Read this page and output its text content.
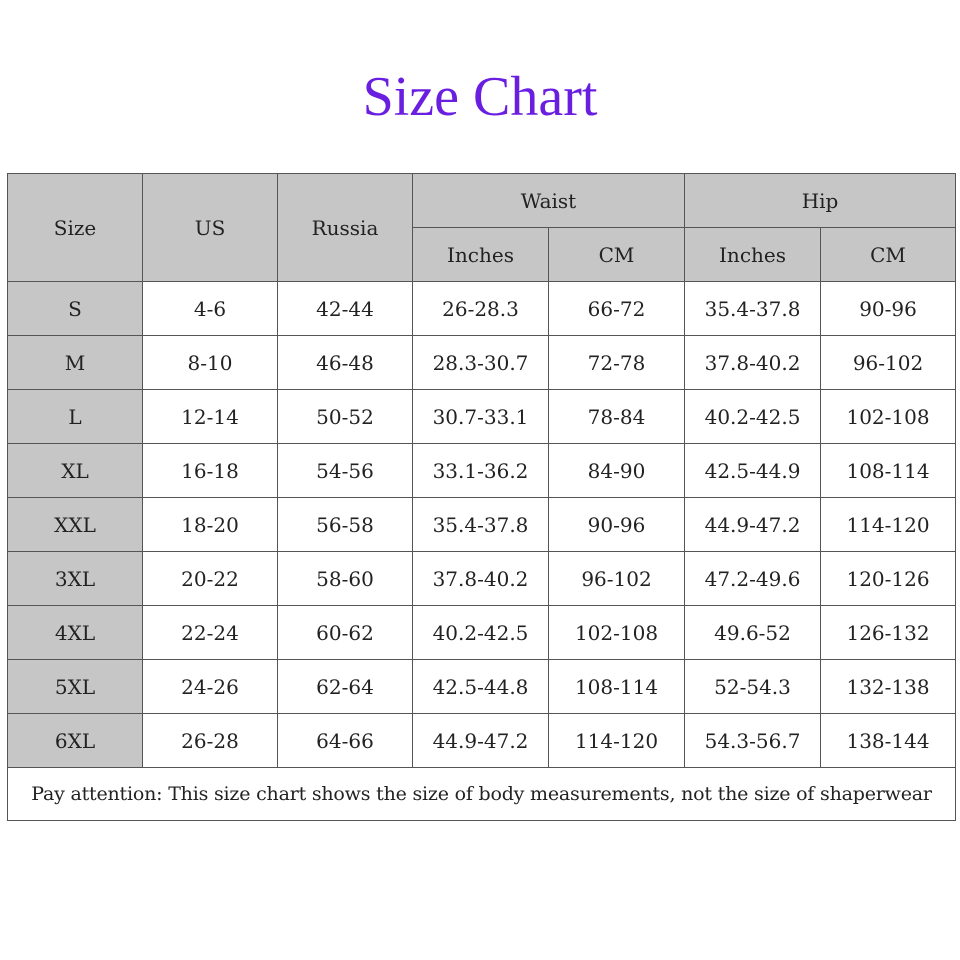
Size Chart
Size	US	Russia	Waist		Hip	
			Inches	CM	Inches	CM
S	4-6	42-44	26-28.3	66-72	35.4-37.8	90-96
M	8-10	46-48	28.3-30.7	72-78	37.8-40.2	96-102
L	12-14	50-52	30.7-33.1	78-84	40.2-42.5	102-108
XL	16-18	54-56	33.1-36.2	84-90	42.5-44.9	108-114
XXL	18-20	56-58	35.4-37.8	90-96	44.9-47.2	114-120
3XL	20-22	58-60	37.8-40.2	96-102	47.2-49.6	120-126
4XL	22-24	60-62	40.2-42.5	102-108	49.6-52	126-132
5XL	24-26	62-64	42.5-44.8	108-114	52-54.3	132-138
6XL	26-28	64-66	44.9-47.2	114-120	54.3-56.7	138-144
Pay attention: This size chart shows the size of body measurements, not the size of shaperwear						
